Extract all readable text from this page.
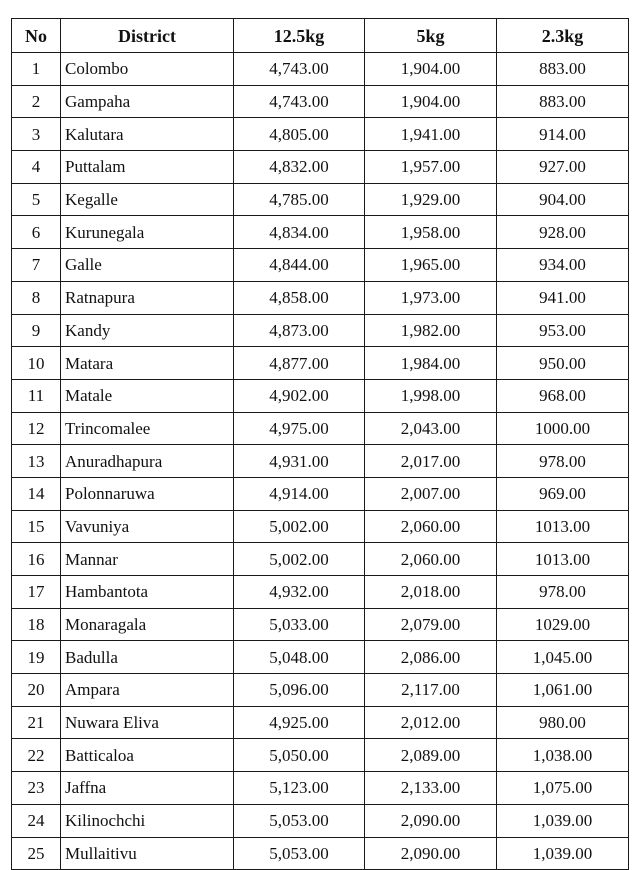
No	District	12.5kg	5kg	2.3kg
1	Colombo	4,743.00	1,904.00	883.00
2	Gampaha	4,743.00	1,904.00	883.00
3	Kalutara	4,805.00	1,941.00	914.00
4	Puttalam	4,832.00	1,957.00	927.00
5	Kegalle	4,785.00	1,929.00	904.00
6	Kurunegala	4,834.00	1,958.00	928.00
7	Galle	4,844.00	1,965.00	934.00
8	Ratnapura	4,858.00	1,973.00	941.00
9	Kandy	4,873.00	1,982.00	953.00
10	Matara	4,877.00	1,984.00	950.00
11	Matale	4,902.00	1,998.00	968.00
12	Trincomalee	4,975.00	2,043.00	1000.00
13	Anuradhapura	4,931.00	2,017.00	978.00
14	Polonnaruwa	4,914.00	2,007.00	969.00
15	Vavuniya	5,002.00	2,060.00	1013.00
16	Mannar	5,002.00	2,060.00	1013.00
17	Hambantota	4,932.00	2,018.00	978.00
18	Monaragala	5,033.00	2,079.00	1029.00
19	Badulla	5,048.00	2,086.00	1,045.00
20	Ampara	5,096.00	2,117.00	1,061.00
21	Nuwara Eliva	4,925.00	2,012.00	980.00
22	Batticaloa	5,050.00	2,089.00	1,038.00
23	Jaffna	5,123.00	2,133.00	1,075.00
24	Kilinochchi	5,053.00	2,090.00	1,039.00
25	Mullaitivu	5,053.00	2,090.00	1,039.00
